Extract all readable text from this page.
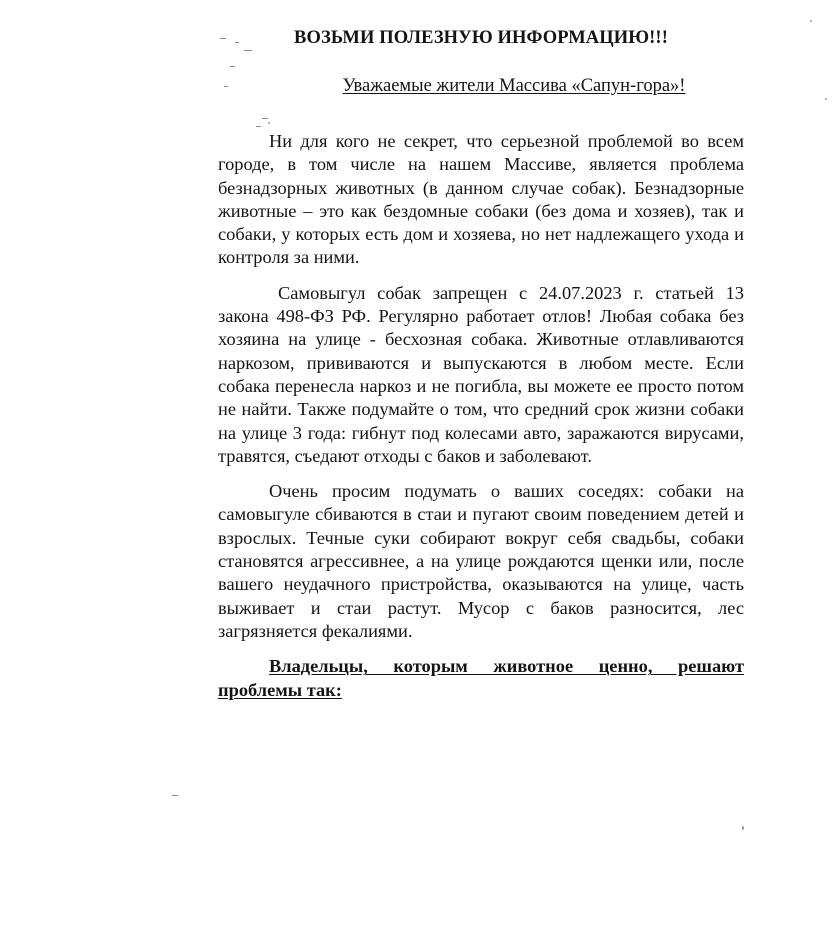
ВОЗЬМИ ПОЛЕЗНУЮ ИНФОРМАЦИЮ!!!

Уважаемые жители Массива «Сапун-гора»!

Ни для кого не секрет, что серьезной проблемой во всем городе, в том числе на нашем Массиве, является проблема безнадзорных животных (в данном случае собак). Безнадзорные животные – это как бездомные собаки (без дома и хозяев), так и собаки, у которых есть дом и хозяева, но нет надлежащего ухода и контроля за ними.

Самовыгул собак запрещен с 24.07.2023 г. статьей 13 закона 498-ФЗ РФ. Регулярно работает отлов! Любая собака без хозяина на улице - бесхозная собака. Животные отлавливаются наркозом, прививаются и выпускаются в любом месте. Если собака перенесла наркоз и не погибла, вы можете ее просто потом не найти. Также подумайте о том, что средний срок жизни собаки на улице 3 года: гибнут под колесами авто, заражаются вирусами, травятся, съедают отходы с баков и заболевают.

Очень просим подумать о ваших соседях: собаки на самовыгуле сбиваются в стаи и пугают своим поведением детей и взрослых. Течные суки собирают вокруг себя свадьбы, собаки становятся агрессивнее, а на улице рождаются щенки или, после вашего неудачного пристройства, оказываются на улице, часть выживает и стаи растут. Мусор с баков разносится, лес загрязняется фекалиями.

Владельцы, которым животное ценно, решают проблемы так:
